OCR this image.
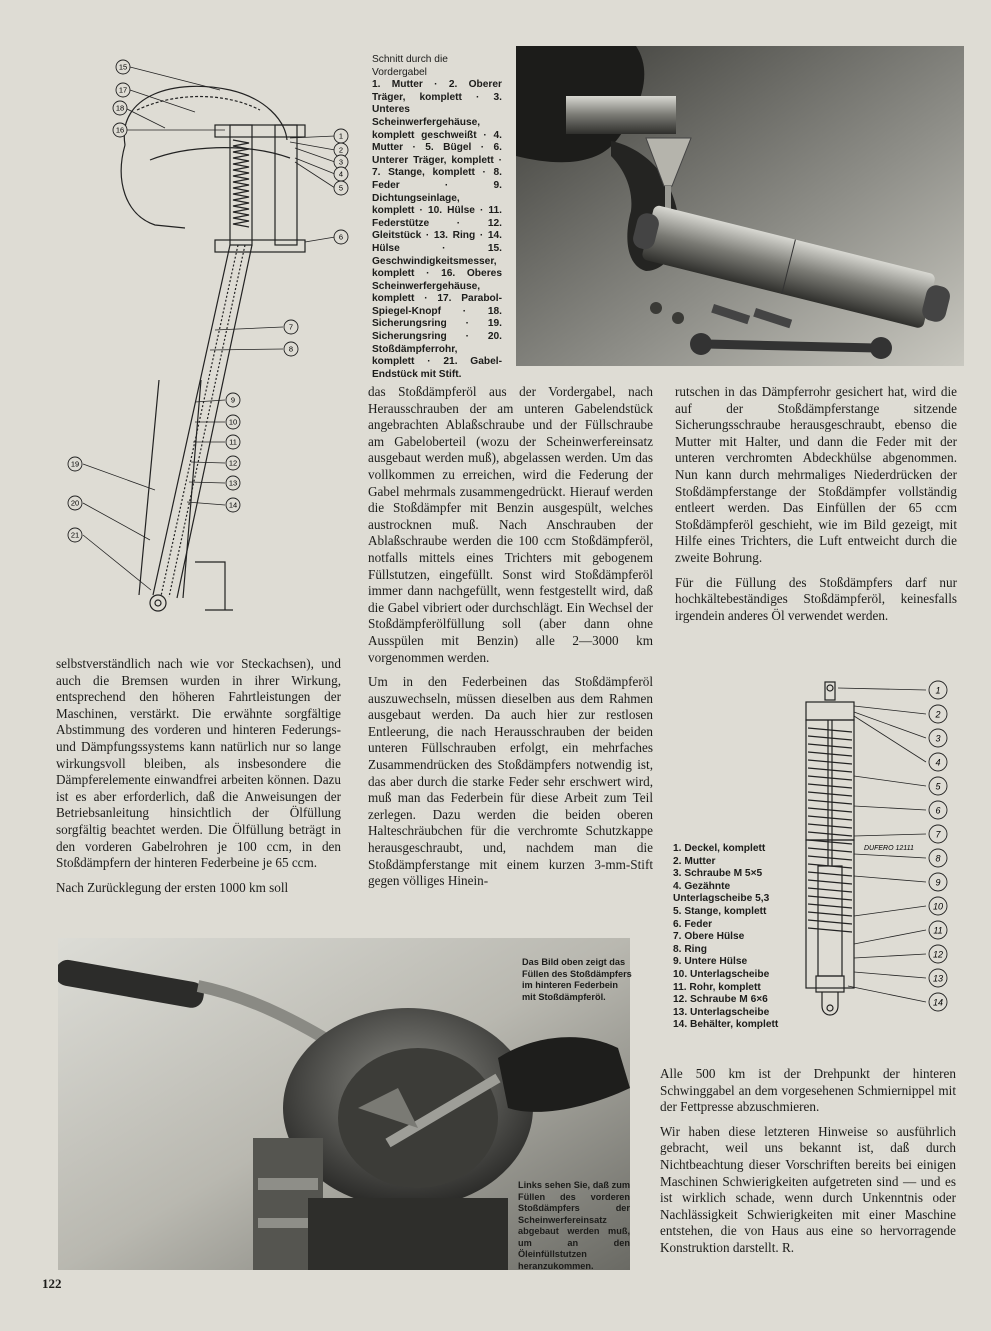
1
2
3
4
5
6
7
8
9
10
11
12
13
14
15
16
17
18
19
20
21
Schnitt durch die Vordergabel
1. Mutter · 2. Oberer Träger, komplett · 3. Unteres Scheinwerfergehäuse, komplett geschweißt · 4. Mutter · 5. Bügel · 6. Unterer Träger, komplett · 7. Stange, komplett · 8. Feder · 9. Dichtungseinlage, komplett · 10. Hülse · 11. Federstütze · 12. Gleitstück · 13. Ring · 14. Hülse · 15. Geschwindigkeitsmesser, komplett · 16. Oberes Scheinwerfergehäuse, komplett · 17. Parabol-Spiegel-Knopf · 18. Sicherungsring · 19. Sicherungsring · 20. Stoßdämpferrohr, komplett · 21. Gabel-Endstück mit Stift.

das Stoßdämpferöl aus der Vordergabel, nach Herausschrauben der am unteren Gabelendstück angebrachten Ablaßschraube und der Füllschraube am Gabeloberteil (wozu der Scheinwerfereinsatz ausgebaut werden muß), abgelassen werden. Um das vollkommen zu erreichen, wird die Federung der Gabel mehrmals zusammengedrückt. Hierauf werden die Stoßdämpfer mit Benzin ausgespült, welches austrocknen muß. Nach Anschrauben der Ablaßschraube werden die 100 ccm Stoßdämpferöl, notfalls mittels eines Trichters mit gebogenem Füllstutzen, eingefüllt. Sonst wird Stoßdämpferöl immer dann nachgefüllt, wenn festgestellt wird, daß die Gabel vibriert oder durchschlägt. Ein Wechsel der Stoßdämpferölfüllung soll (aber dann ohne Ausspülen mit Benzin) alle 2—3000 km vorgenommen werden.

Um in den Federbeinen das Stoßdämpferöl auszuwechseln, müssen dieselben aus dem Rahmen ausgebaut werden. Da auch hier zur restlosen Entleerung, die nach Herausschrauben der beiden unteren Füllschrauben erfolgt, ein mehrfaches Zusammendrücken des Stoßdämpfers notwendig ist, das aber durch die starke Feder sehr erschwert wird, muß man das Federbein für diese Arbeit zum Teil zerlegen. Dazu werden die beiden oberen Halteschräubchen für die verchromte Schutzkappe herausgeschraubt, und, nachdem man die Stoßdämpferstange mit einem kurzen 3-mm-Stift gegen völliges Hinein-

rutschen in das Dämpferrohr gesichert hat, wird die auf der Stoßdämpferstange sitzende Sicherungsschraube herausgeschraubt, ebenso die Mutter mit Halter, und dann die Feder mit der unteren verchromten Abdeckhülse abgenommen. Nun kann durch mehrmaliges Niederdrücken der Stoßdämpferstange der Stoßdämpfer vollständig entleert werden. Das Einfüllen der 65 ccm Stoßdämpferöl geschieht, wie im Bild gezeigt, mit Hilfe eines Trichters, die Luft entweicht durch die zweite Bohrung.

Für die Füllung des Stoßdämpfers darf nur hochkältebeständiges Stoßdämpferöl, keinesfalls irgendein anderes Öl verwendet werden.

selbstverständlich nach wie vor Steckachsen), und auch die Bremsen wurden in ihrer Wirkung, entsprechend den höheren Fahrtleistungen der Maschinen, verstärkt. Die erwähnte sorgfältige Abstimmung des vorderen und hinteren Federungs- und Dämpfungssystems kann natürlich nur so lange wirkungsvoll bleiben, als insbesondere die Dämpferelemente einwandfrei arbeiten können. Dazu ist es aber erforderlich, daß die Anweisungen der Betriebsanleitung hinsichtlich der Ölfüllung sorgfältig beachtet werden. Die Ölfüllung beträgt in den vorderen Gabelrohren je 100 ccm, in den Stoßdämpfern der hinteren Federbeine je 65 ccm.

Nach Zurücklegung der ersten 1000 km soll

DUFERO 12111
1
2
3
4
5
6
7
8
9
10
11
12
13
14
1. Deckel, komplett
2. Mutter
3. Schraube M 5×5
4. Gezähnte Unterlagscheibe 5,3
5. Stange, komplett
6. Feder
7. Obere Hülse
8. Ring
9. Untere Hülse
10. Unterlagscheibe
11. Rohr, komplett
12. Schraube M 6×6
13. Unterlagscheibe
14. Behälter, komplett
Das Bild oben zeigt das Füllen des Stoßdämpfers im hinteren Federbein mit Stoßdämpferöl.
Links sehen Sie, daß zum Füllen des vorderen Stoßdämpfers der Scheinwerfereinsatz abgebaut werden muß, um an den Öleinfüllstutzen heranzukommen.

Alle 500 km ist der Drehpunkt der hinteren Schwinggabel an dem vorgesehenen Schmiernippel mit der Fettpresse abzuschmieren.

Wir haben diese letzteren Hinweise so ausführlich gebracht, weil uns bekannt ist, daß durch Nichtbeachtung dieser Vorschriften bereits bei einigen Maschinen Schwierigkeiten aufgetreten sind — und es ist wirklich schade, wenn durch Unkenntnis oder Nachlässigkeit Schwierigkeiten mit einer Maschine entstehen, die von Haus aus eine so hervorragende Konstruktion darstellt. R.

122
